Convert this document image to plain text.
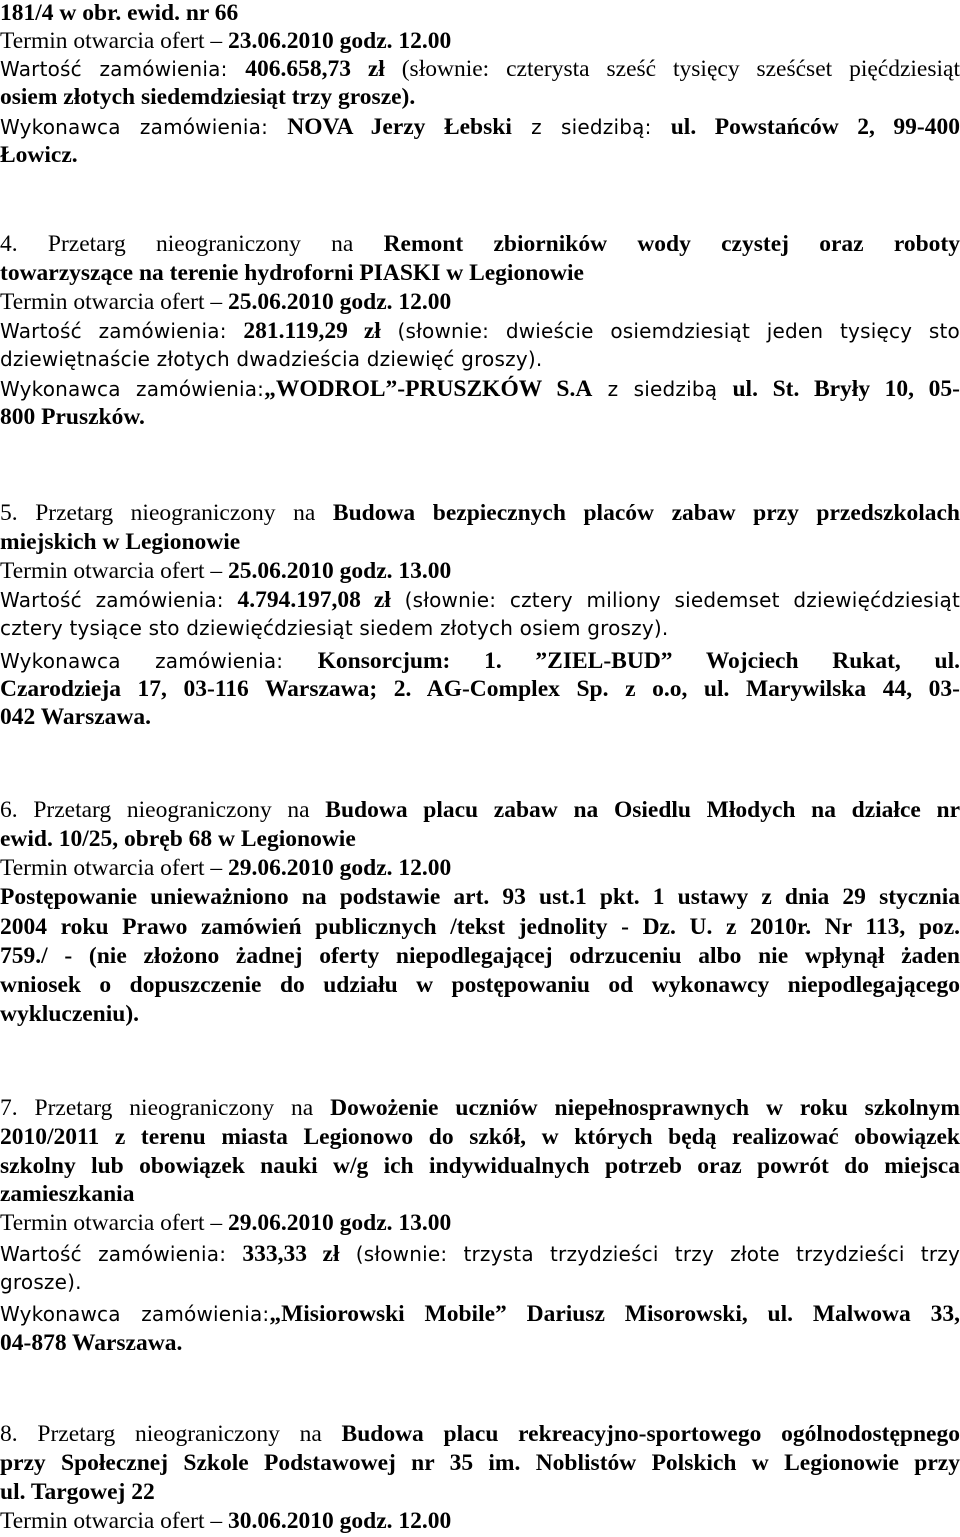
181/4 w obr. ewid. nr 66
Termin otwarcia ofert – 23.06.2010 godz. 12.00
Wartość zamówienia: 406.658,73 zł (słownie: czterysta sześć tysięcy sześćset pięćdziesiąt
osiem złotych siedemdziesiąt trzy grosze).
Wykonawca zamówienia: NOVA Jerzy Łebski z siedzibą: ul. Powstańców 2, 99-400
Łowicz.
4. Przetarg nieograniczony na Remont zbiorników wody czystej oraz roboty
towarzyszące na terenie hydroforni PIASKI w Legionowie
Termin otwarcia ofert – 25.06.2010 godz. 12.00
Wartość zamówienia: 281.119,29 zł (słownie: dwieście osiemdziesiąt jeden tysięcy sto
dziewiętnaście złotych dwadzieścia dziewięć groszy).
Wykonawca zamówienia:„WODROL”-PRUSZKÓW S.A z siedzibą ul. St. Bryły 10, 05-
800 Pruszków.
5. Przetarg nieograniczony na Budowa bezpiecznych placów zabaw przy przedszkolach
miejskich w Legionowie
Termin otwarcia ofert – 25.06.2010 godz. 13.00
Wartość zamówienia: 4.794.197,08 zł (słownie: cztery miliony siedemset dziewięćdziesiąt
cztery tysiące sto dziewięćdziesiąt siedem złotych osiem groszy).
Wykonawca zamówienia: Konsorcjum: 1. ”ZIEL-BUD” Wojciech Rukat, ul.
Czarodzieja 17, 03-116 Warszawa; 2. AG-Complex Sp. z o.o, ul. Marywilska 44, 03-
042 Warszawa.
6. Przetarg nieograniczony na Budowa placu zabaw na Osiedlu Młodych na działce nr
ewid. 10/25, obręb 68 w Legionowie
Termin otwarcia ofert – 29.06.2010 godz. 12.00
Postępowanie unieważniono na podstawie art. 93 ust.1 pkt. 1 ustawy z dnia 29 stycznia
2004 roku Prawo zamówień publicznych /tekst jednolity - Dz. U. z 2010r. Nr 113, poz.
759./ - (nie złożono żadnej oferty niepodlegającej odrzuceniu albo nie wpłynął żaden
wniosek o dopuszczenie do udziału w postępowaniu od wykonawcy niepodlegającego
wykluczeniu).
7. Przetarg nieograniczony na Dowożenie uczniów niepełnosprawnych w roku szkolnym
2010/2011 z terenu miasta Legionowo do szkół, w których będą realizować obowiązek
szkolny lub obowiązek nauki w/g ich indywidualnych potrzeb oraz powrót do miejsca
zamieszkania
Termin otwarcia ofert – 29.06.2010 godz. 13.00
Wartość zamówienia: 333,33 zł (słownie: trzysta trzydzieści trzy złote trzydzieści trzy
grosze).
Wykonawca zamówienia:„Misiorowski Mobile” Dariusz Misorowski, ul. Malwowa 33,
04-878 Warszawa.
8. Przetarg nieograniczony na Budowa placu rekreacyjno-sportowego ogólnodostępnego
przy Społecznej Szkole Podstawowej nr 35 im. Noblistów Polskich w Legionowie przy
ul. Targowej 22
Termin otwarcia ofert – 30.06.2010 godz. 12.00
